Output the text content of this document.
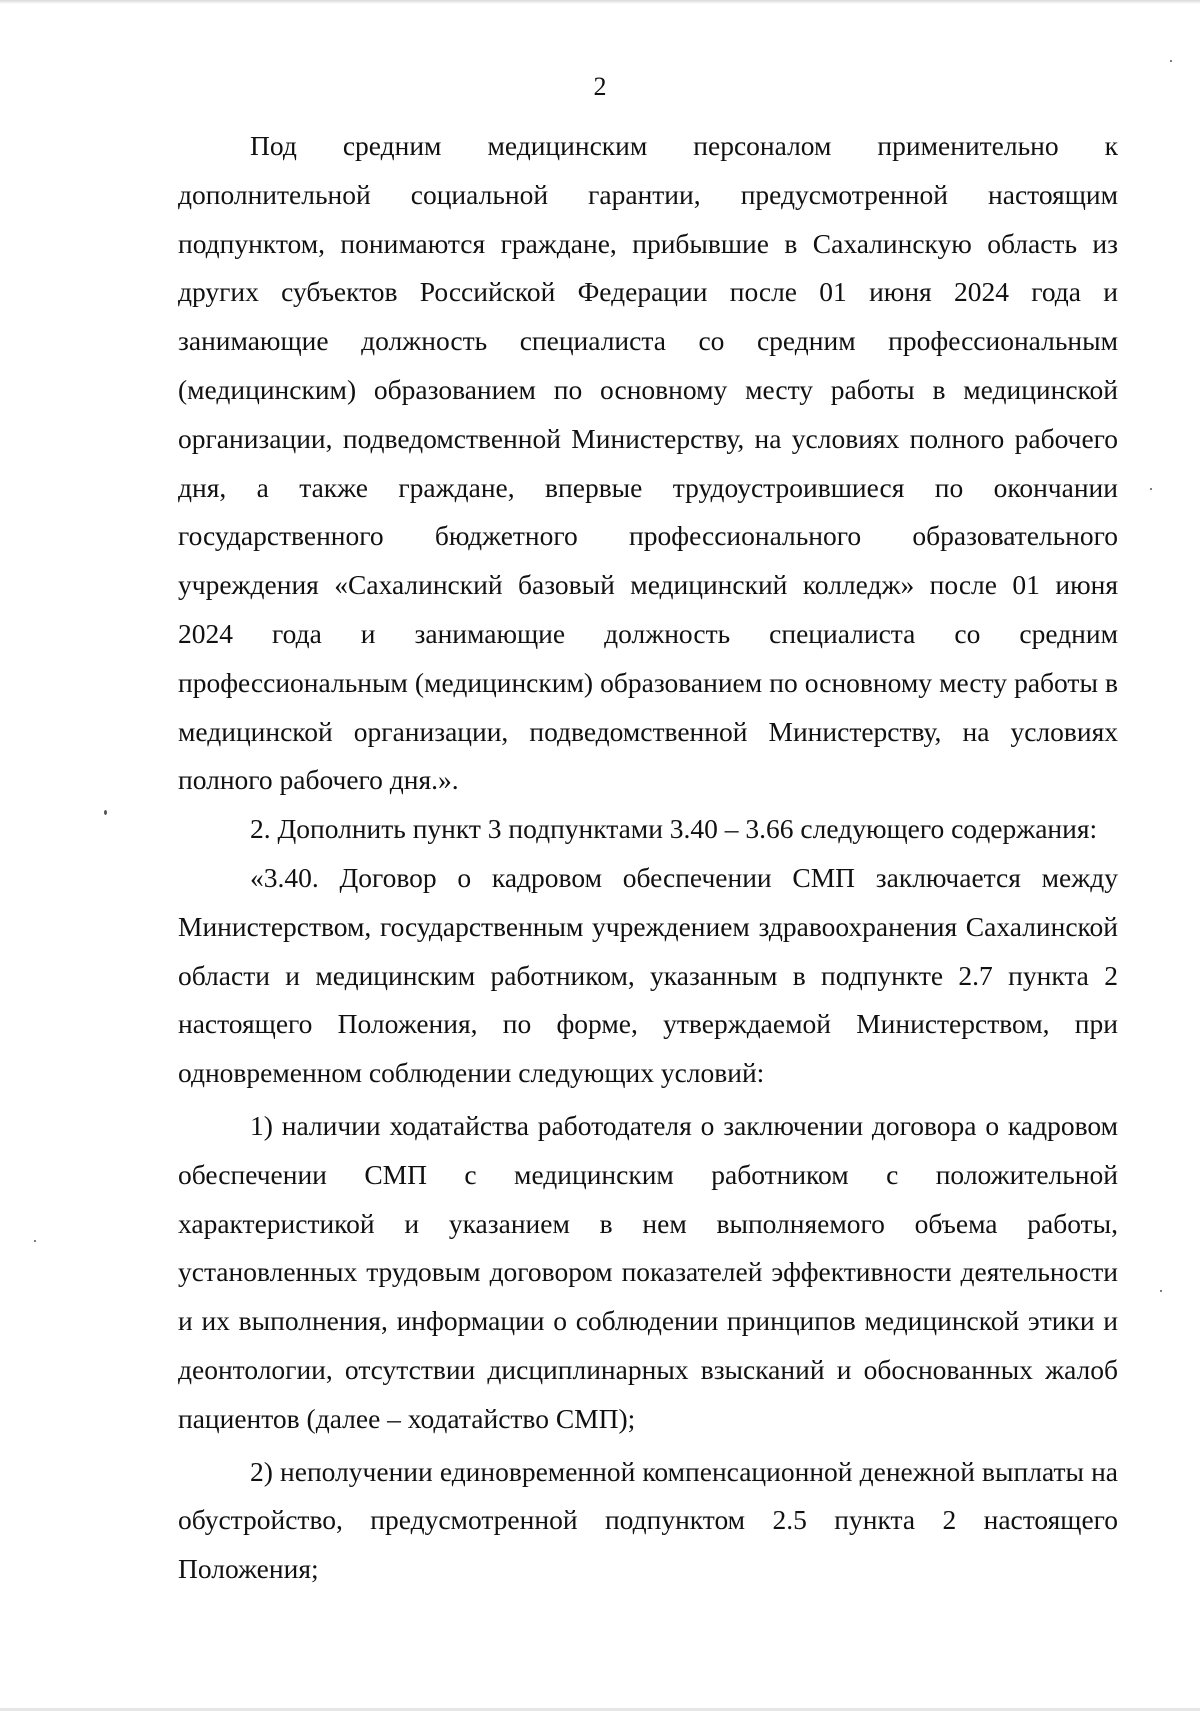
2

Под средним медицинским персоналом применительно к дополнительной социальной гарантии, предусмотренной настоящим подпунктом, понимаются граждане, прибывшие в Сахалинскую область из других субъектов Российской Федерации после 01 июня 2024 года и занимающие должность специалиста со средним профессиональным (медицинским) образованием по основному месту работы в медицинской организации, подведомственной Министерству, на условиях полного рабочего дня, а также граждане, впервые трудоустроившиеся по окончании государственного бюджетного профессионального образовательного учреждения «Сахалинский базовый медицинский колледж» после 01 июня 2024 года и занимающие должность специалиста со средним профессиональным (медицинским) образованием по основному месту работы в медицинской организации, подведомственной Министерству, на условиях полного рабочего дня.».

2. Дополнить пункт 3 подпунктами 3.40 – 3.66 следующего содержания:

«3.40. Договор о кадровом обеспечении СМП заключается между Министерством, государственным учреждением здравоохранения Сахалинской области и медицинским работником, указанным в подпункте 2.7 пункта 2 настоящего Положения, по форме, утверждаемой Министерством, при одновременном соблюдении следующих условий:

1) наличии ходатайства работодателя о заключении договора о кадровом обеспечении СМП с медицинским работником с положительной характеристикой и указанием в нем выполняемого объема работы, установленных трудовым договором показателей эффективности деятельности и их выполнения, информации о соблюдении принципов медицинской этики и деонтологии, отсутствии дисциплинарных взысканий и обоснованных жалоб пациентов (далее – ходатайство СМП);

2) неполучении единовременной компенсационной денежной выплаты на обустройство, предусмотренной подпунктом 2.5 пункта 2 настоящего Положения;
